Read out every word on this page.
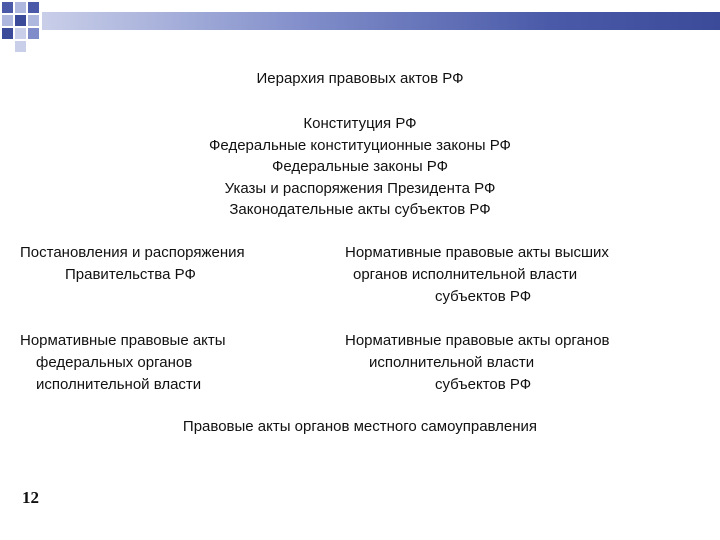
Иерархия правовых актов РФ
Конституция РФ
Федеральные конституционные законы РФ
Федеральные законы РФ
Указы и распоряжения Президента РФ
Законодательные акты субъектов РФ
Постановления и распоряжения
Правительства РФ
Нормативные правовые акты высших
органов исполнительной власти
субъектов РФ
Нормативные правовые акты
федеральных органов
исполнительной власти
Нормативные правовые акты органов
исполнительной власти
субъектов РФ
Правовые акты органов местного самоуправления
12
